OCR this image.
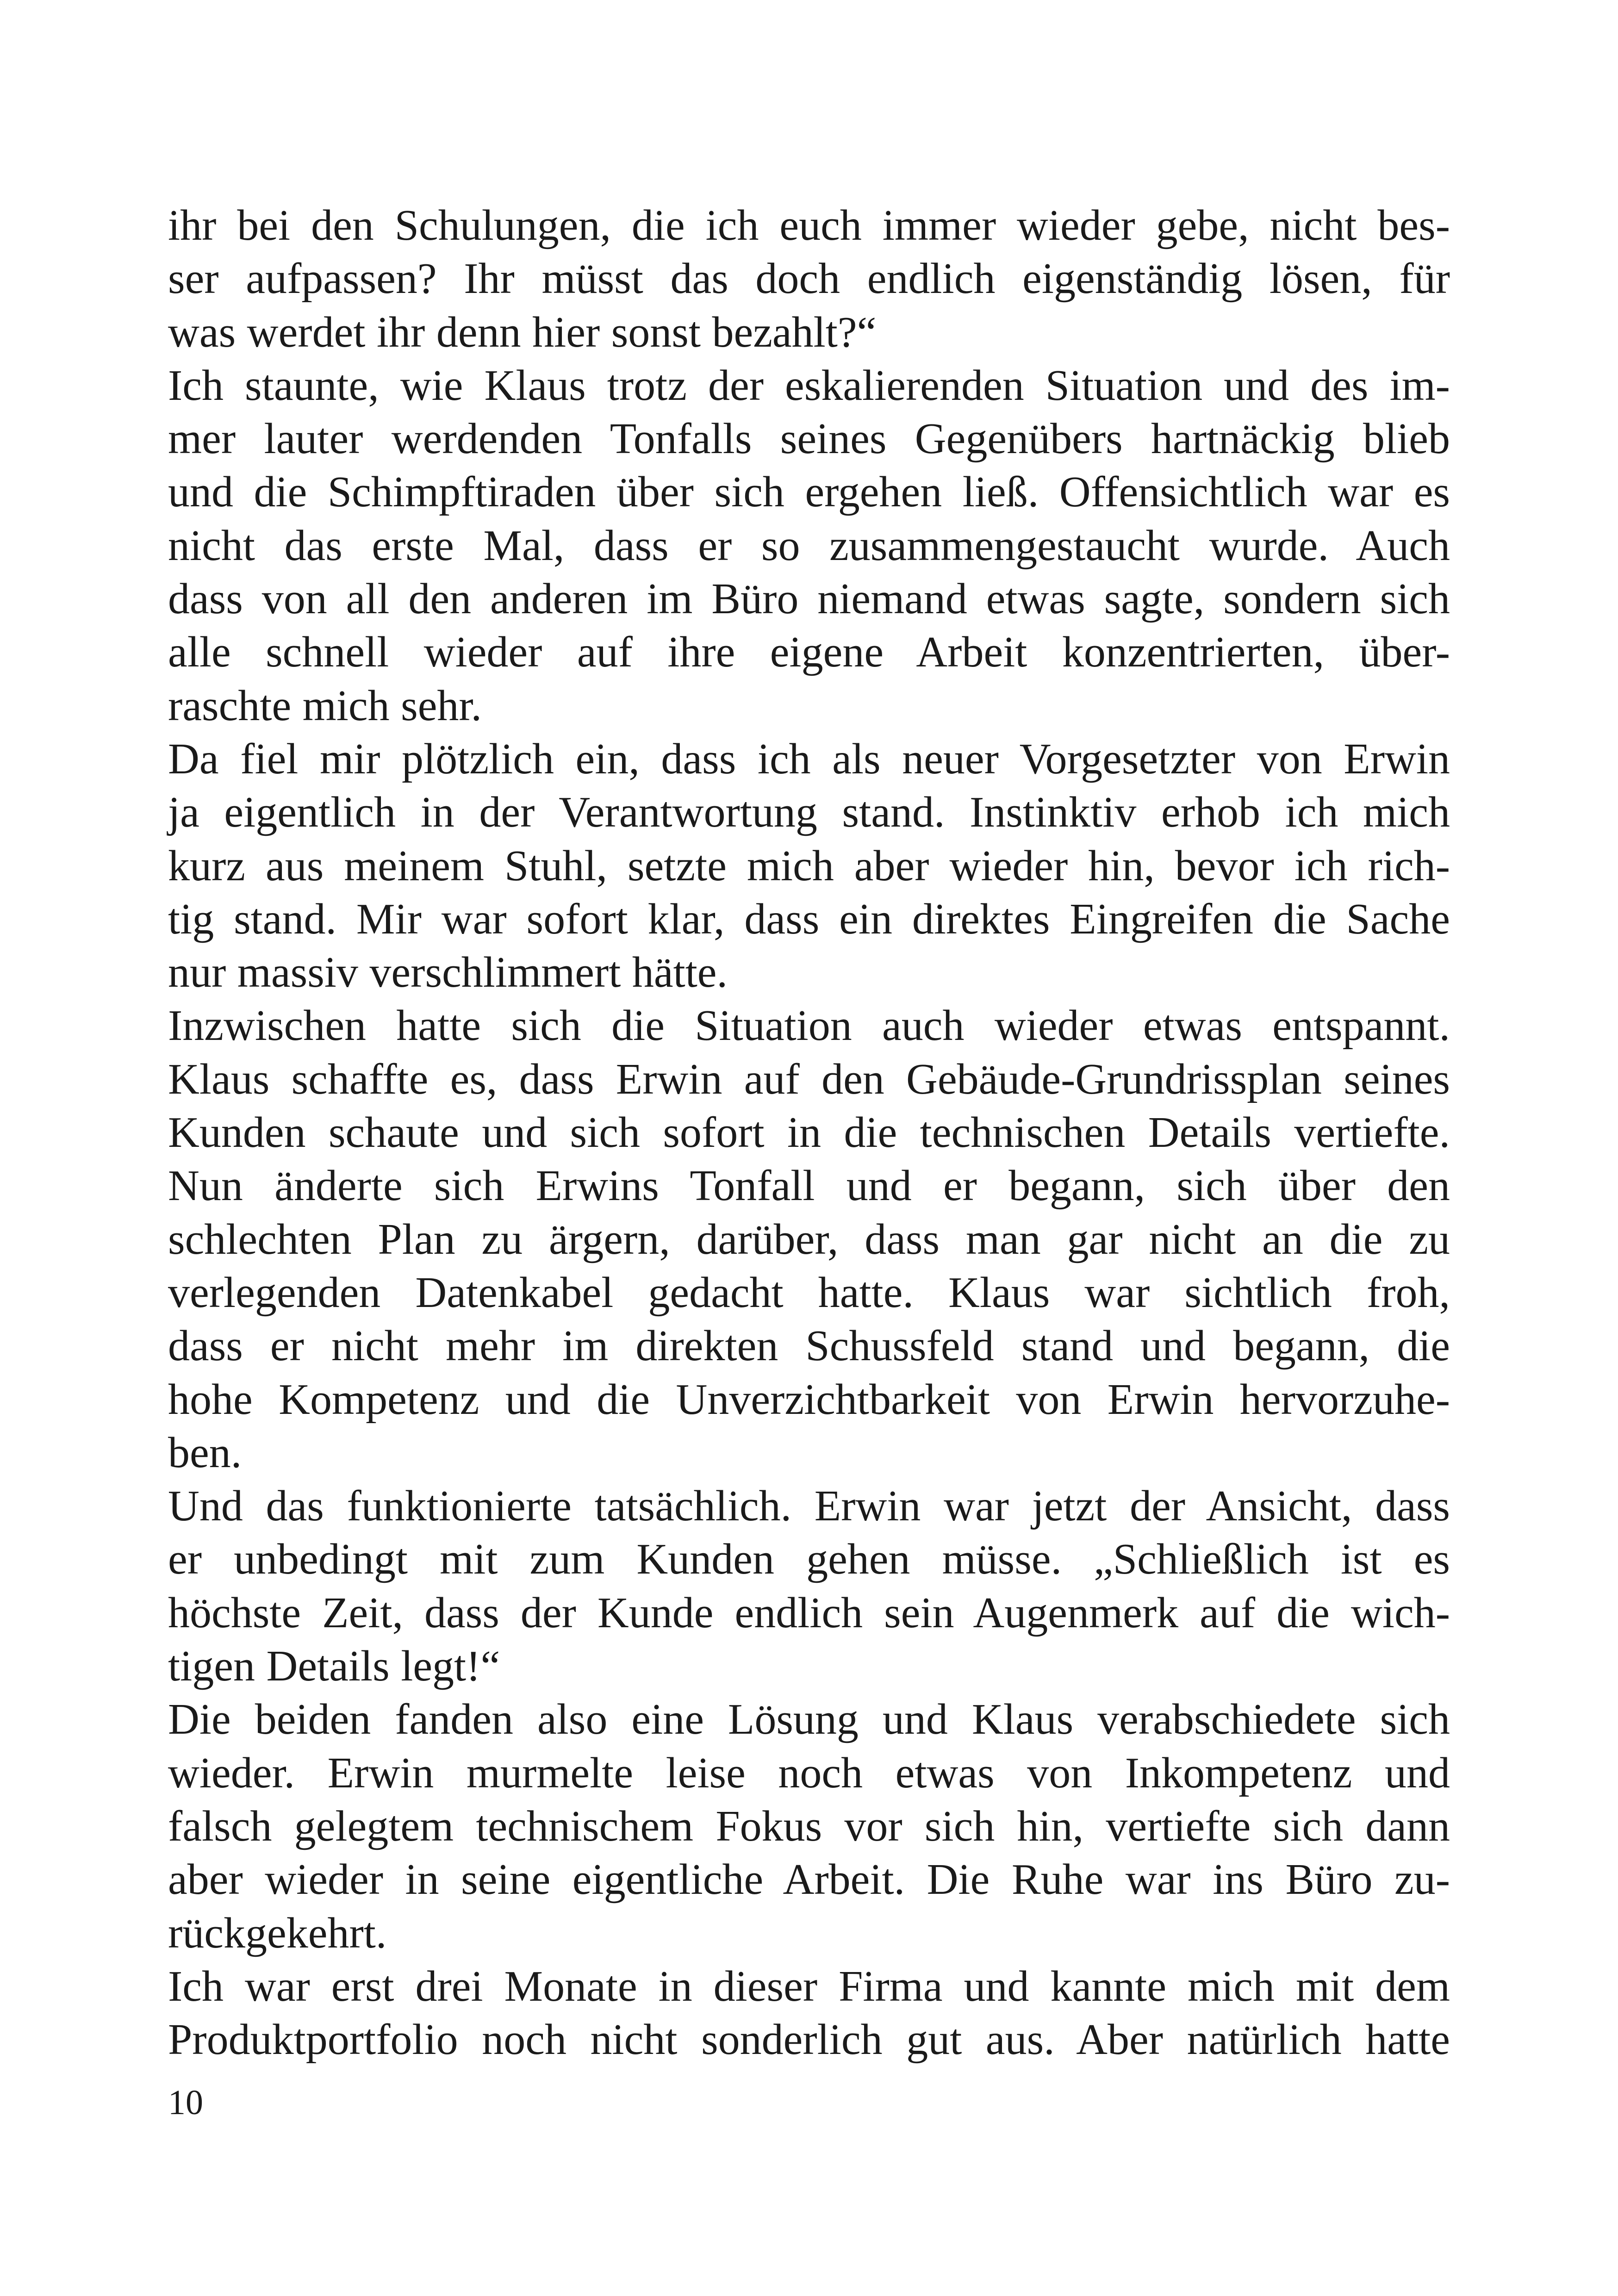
ihr bei den Schulungen, die ich euch immer wieder gebe, nicht bes-
ser aufpassen? Ihr müsst das doch endlich eigenständig lösen, für
was werdet ihr denn hier sonst bezahlt?“
Ich staunte, wie Klaus trotz der eskalierenden Situation und des im-
mer lauter werdenden Tonfalls seines Gegenübers hartnäckig blieb
und die Schimpftiraden über sich ergehen ließ. Offensichtlich war es
nicht das erste Mal, dass er so zusammengestaucht wurde. Auch
dass von all den anderen im Büro niemand etwas sagte, sondern sich
alle schnell wieder auf ihre eigene Arbeit konzentrierten, über-
raschte mich sehr.
Da fiel mir plötzlich ein, dass ich als neuer Vorgesetzter von Erwin
ja eigentlich in der Verantwortung stand. Instinktiv erhob ich mich
kurz aus meinem Stuhl, setzte mich aber wieder hin, bevor ich rich-
tig stand. Mir war sofort klar, dass ein direktes Eingreifen die Sache
nur massiv verschlimmert hätte.
Inzwischen hatte sich die Situation auch wieder etwas entspannt.
Klaus schaffte es, dass Erwin auf den Gebäude-Grundrissplan seines
Kunden schaute und sich sofort in die technischen Details vertiefte.
Nun änderte sich Erwins Tonfall und er begann, sich über den
schlechten Plan zu ärgern, darüber, dass man gar nicht an die zu
verlegenden Datenkabel gedacht hatte. Klaus war sichtlich froh,
dass er nicht mehr im direkten Schussfeld stand und begann, die
hohe Kompetenz und die Unverzichtbarkeit von Erwin hervorzuhe-
ben.
Und das funktionierte tatsächlich. Erwin war jetzt der Ansicht, dass
er unbedingt mit zum Kunden gehen müsse. „Schließlich ist es
höchste Zeit, dass der Kunde endlich sein Augenmerk auf die wich-
tigen Details legt!“
Die beiden fanden also eine Lösung und Klaus verabschiedete sich
wieder. Erwin murmelte leise noch etwas von Inkompetenz und
falsch gelegtem technischem Fokus vor sich hin, vertiefte sich dann
aber wieder in seine eigentliche Arbeit. Die Ruhe war ins Büro zu-
rückgekehrt.
Ich war erst drei Monate in dieser Firma und kannte mich mit dem
Produktportfolio noch nicht sonderlich gut aus. Aber natürlich hatte
10
